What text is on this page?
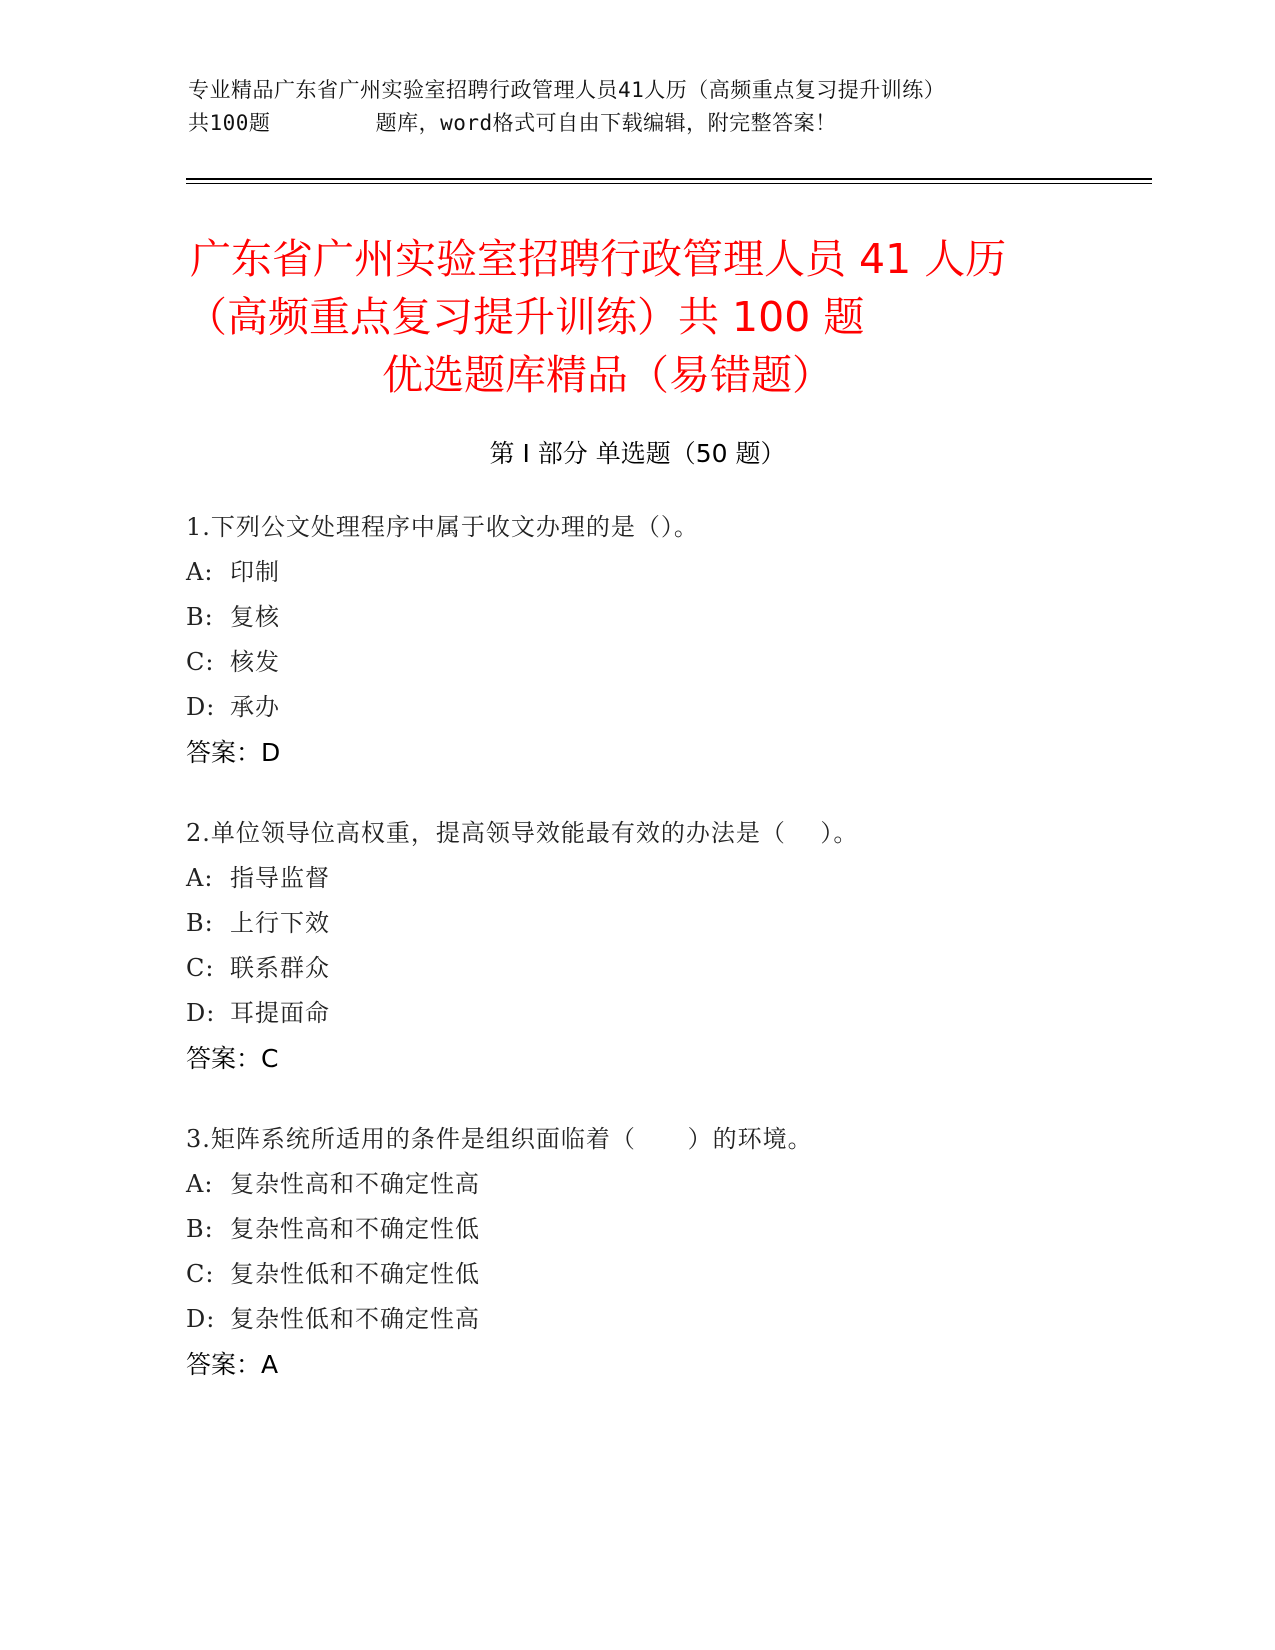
专业精品广东省广州实验室招聘行政管理人员41人历（高频重点复习提升训练）
共100题        题库，word格式可自由下载编辑，附完整答案！
广东省广州实验室招聘行政管理人员 41 人历
（高频重点复习提升训练）共 100 题
优选题库精品（易错题）
第 I 部分 单选题（50 题）
1.下列公文处理程序中属于收文办理的是（）。
A: 印制
B: 复核
C: 核发
D: 承办
答案：D
2.单位领导位高权重，提高领导效能最有效的办法是（    ）。
A: 指导监督
B: 上行下效
C: 联系群众
D: 耳提面命
答案：C
3.矩阵系统所适用的条件是组织面临着（      ）的环境。
A: 复杂性高和不确定性高
B: 复杂性高和不确定性低
C: 复杂性低和不确定性低
D: 复杂性低和不确定性高
答案：A
